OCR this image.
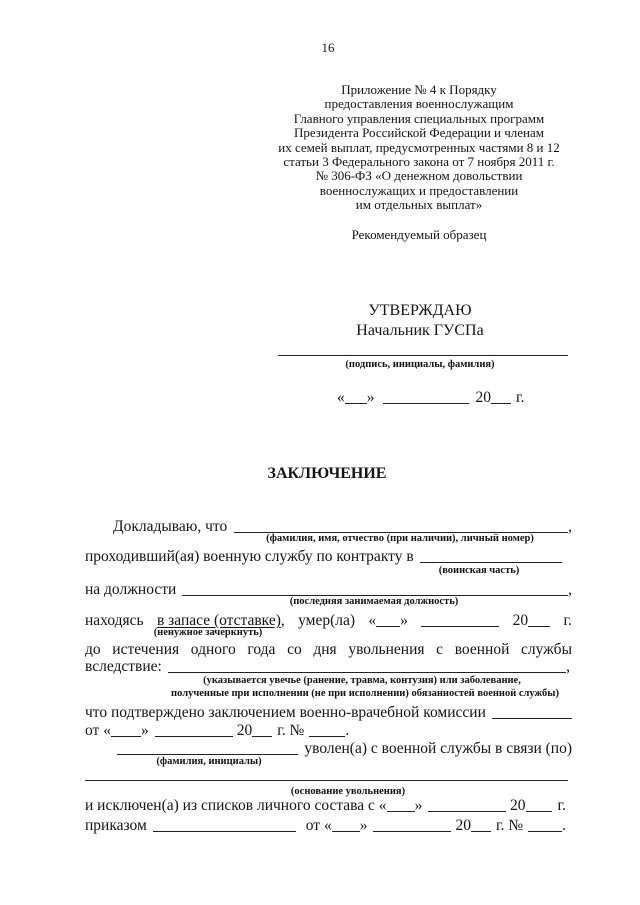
16
Приложение № 4 к Порядку
предоставления военнослужащим
Главного управления специальных программ
Президента Российской Федерации и членам
их семей выплат, предусмотренных частями 8 и 12
статьи 3 Федерального закона от 7 ноября 2011 г.
№ 306-ФЗ «О денежном довольствии
военнослужащих и предоставлении
им отдельных выплат»
Рекомендуемый образец
УТВЕРЖДАЮ
Начальник ГУСПа
(подпись, инициалы, фамилия)
« »	20 г.
ЗАКЛЮЧЕНИЕ
Докладываю, что	,
(фамилия, имя, отчество (при наличии), личный номер)
проходивший(ая) военную службу по контракту в
(воинская часть)
на должности	,
(последняя занимаемая должность)
находясь в запасе (отставке) , умер(ла) « »	20 г.
(ненужное зачеркнуть)
до истечения одного года со дня увольнения с военной службы
вследствие:	,
(указывается увечье (ранение, травма, контузия) или заболевание,
полученные при исполнении (не при исполнении) обязанностей военной службы)
что подтверждено заключением военно-врачебной комиссии
от « »	20 г. №	.
уволен(а) с военной службы в связи (по)
(фамилия, инициалы)
(основание увольнения)
и исключен(а) из списков личного состава с « »	20 г.
приказом	от « »	20 г. №	.
